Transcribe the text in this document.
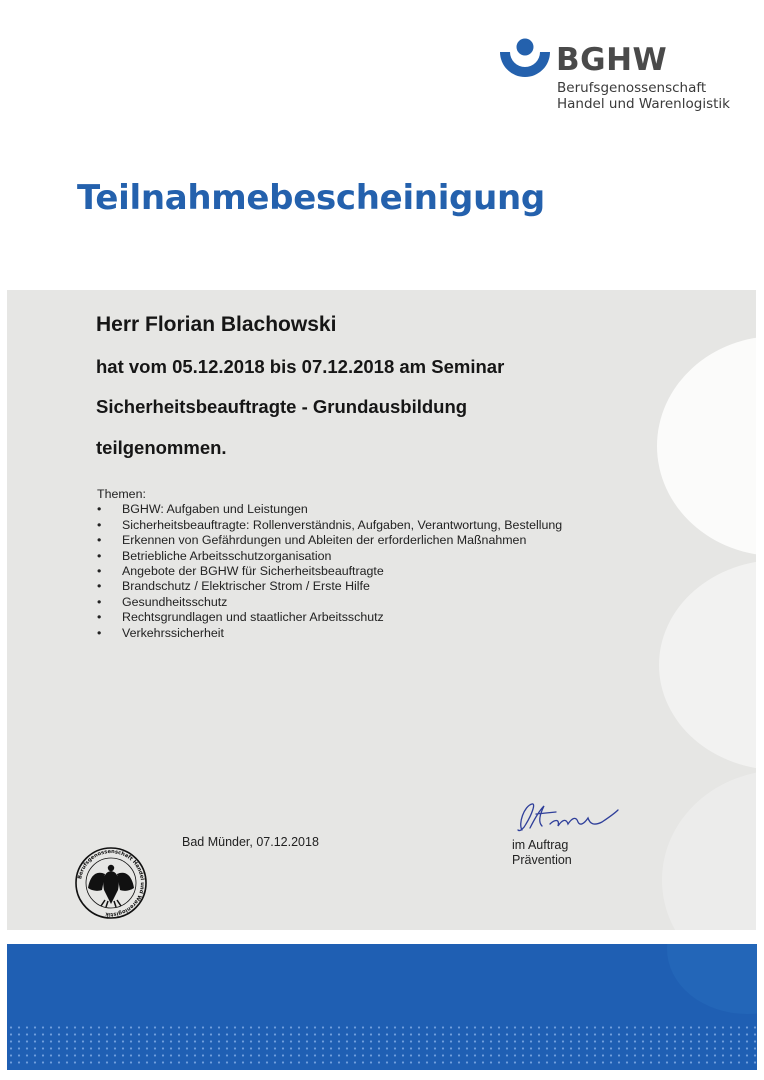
BGHW
Berufsgenossenschaft
Handel und Warenlogistik
Teilnahmebescheinigung
Herr Florian Blachowski
hat vom 05.12.2018 bis 07.12.2018 am Seminar
Sicherheitsbeauftragte - Grundausbildung
teilgenommen.
Themen:
• BGHW: Aufgaben und Leistungen
• Sicherheitsbeauftragte: Rollenverständnis, Aufgaben, Verantwortung, Bestellung
• Erkennen von Gefährdungen und Ableiten der erforderlichen Maßnahmen
• Betriebliche Arbeitsschutzorganisation
• Angebote der BGHW für Sicherheitsbeauftragte
• Brandschutz / Elektrischer Strom / Erste Hilfe
• Gesundheitsschutz
• Rechtsgrundlagen und staatlicher Arbeitsschutz
• Verkehrssicherheit
Berufsgenossenschaft Handel und Warenlogistik
Bad Münder, 07.12.2018	im Auftrag
Prävention
